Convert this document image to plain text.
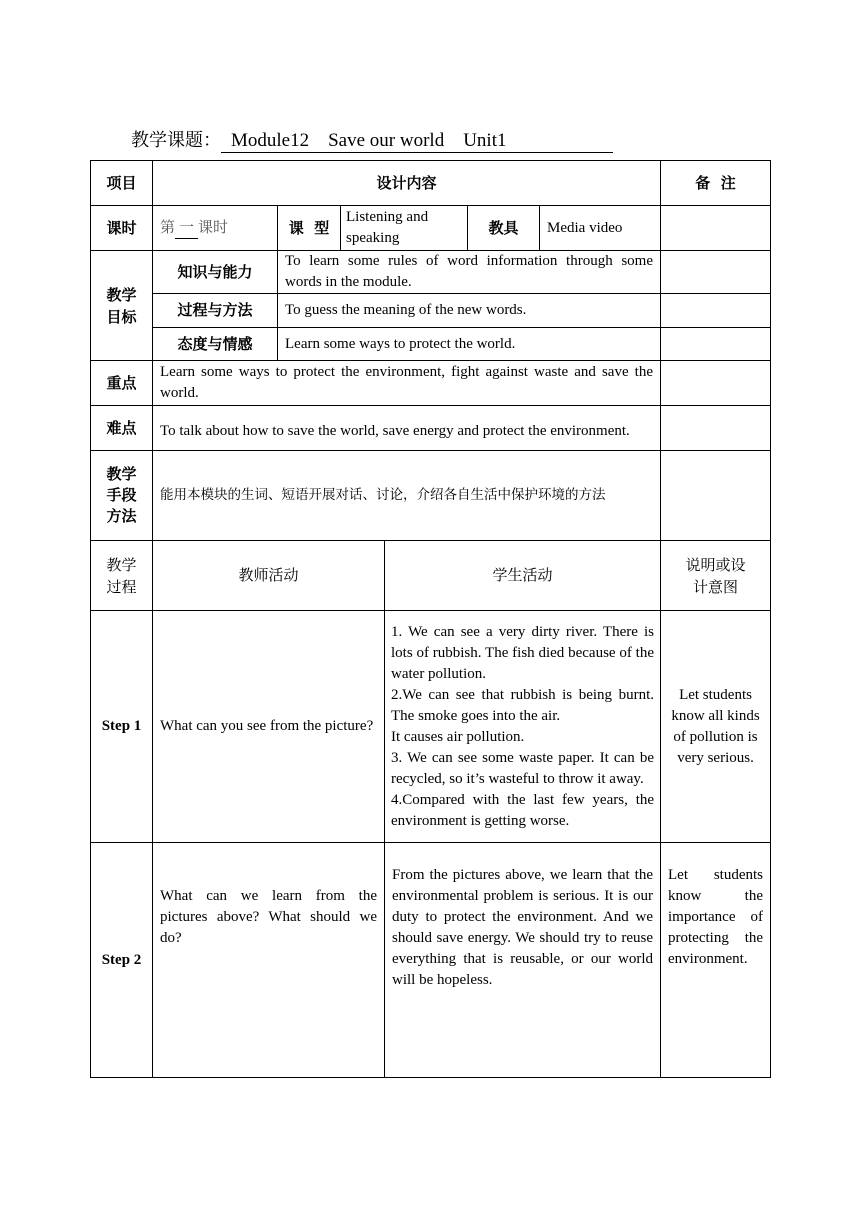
教学课题： Module12    Save our world    Unit1
项目	设计内容						备  注
课时	第 一 课时	课  型	Listening and speaking		教具	Media video	
教学目标	知识与能力	To learn some rules of word information through some words in the module.					
	过程与方法	To guess the meaning of the new words.					
	态度与情感	Learn some ways to protect the world.					
重点	Learn some ways to protect the environment, fight against waste and save the world.						
难点	To talk about how to save the world, save energy and protect the environment.						
教学手段方法	能用本模块的生词、短语开展对话、讨论，介绍各自生活中保护环境的方法						
教学过程	教师活动			学生活动			说明或设计意图
Step 1	What can you see from the picture?			1. We can see a very dirty river. There is lots of rubbish. The fish died because of the water pollution.
2.We can see that rubbish is being burnt. The smoke goes into the air.
It causes air pollution.
3. We can see some waste paper. It can be recycled, so it’s wasteful to throw it away.
4.Compared with the last few years, the environment is getting worse.			Let students know all kinds of pollution is very serious.
Step 2	What can we learn from the pictures above? What should we do?			From the pictures above, we learn that the environmental problem is serious. It is our duty to protect the environment. And we should save energy. We should try to reuse everything that is reusable, or our world will be hopeless.			Let students know the importance of protecting the environment.
